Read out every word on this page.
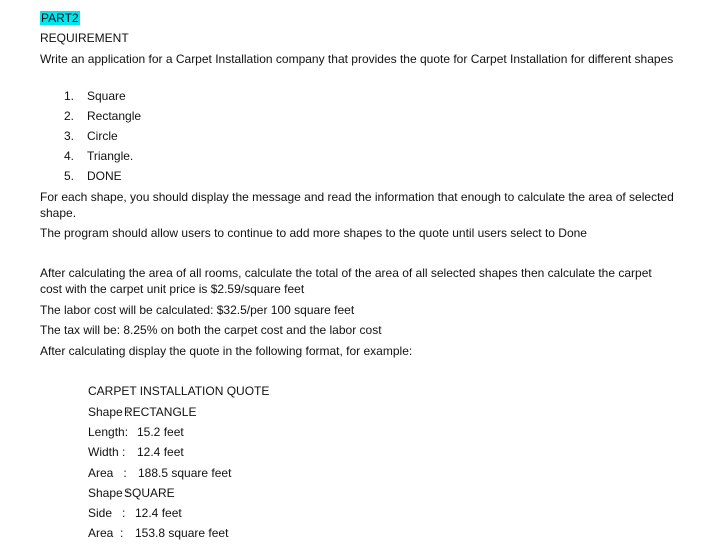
PART2
REQUIREMENT
Write an application for a Carpet Installation company that provides the quote for Carpet Installation for different shapes
1. Square
2. Rectangle
3. Circle
4. Triangle.
5. DONE
For each shape, you should display the message and read the information that enough to calculate the area of selected shape.
The program should allow users to continue to add more shapes to the quote until users select to Done
After calculating the area of all rooms, calculate the total of the area of all selected shapes then calculate the carpet cost with the carpet unit price is $2.59/square feet
The labor cost will be calculated: $32.5/per 100 square feet
The tax will be: 8.25% on both the carpet cost and the labor cost
After calculating display the quote in the following format, for example:
CARPET INSTALLATION QUOTE
Shape :RECTANGLE
Length: 15.2 feet
Width : 12.4 feet
Area   : 188.5 square feet
Shape :SQUARE
Side   : 12.4 feet
Area  : 153.8 square feet
